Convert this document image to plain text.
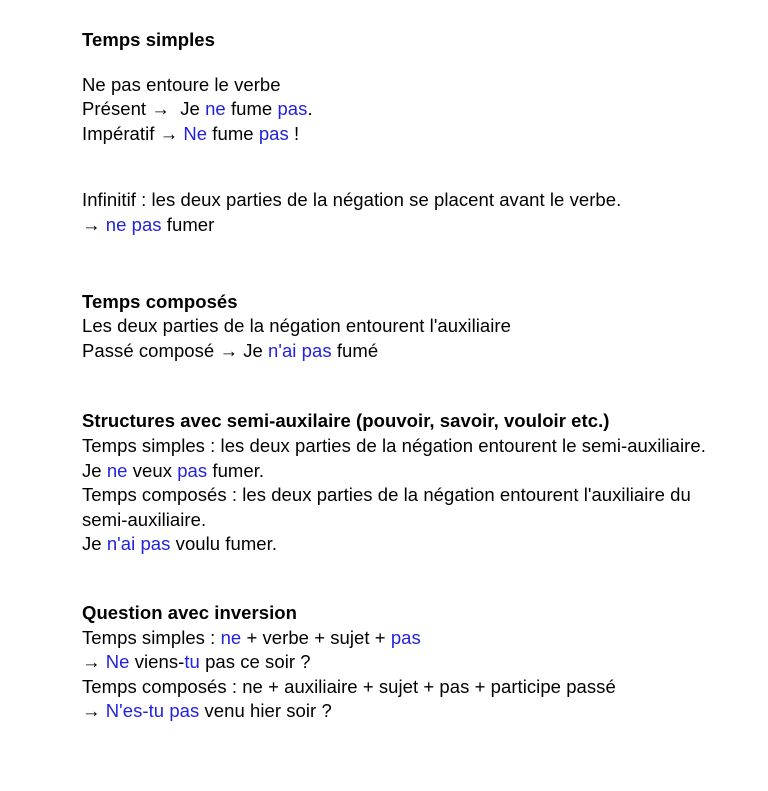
Temps simples
Ne pas entoure le verbe
Présent →  Je ne fume pas.
Impératif → Ne fume pas !
Infinitif : les deux parties de la négation se placent avant le verbe.
→ ne pas fumer
Temps composés
Les deux parties de la négation entourent l'auxiliaire
Passé composé → Je n'ai pas fumé
Structures avec semi-auxilaire (pouvoir, savoir, vouloir etc.)
Temps simples : les deux parties de la négation entourent le semi-auxiliaire.
Je ne veux pas fumer.
Temps composés : les deux parties de la négation entourent l'auxiliaire du semi-auxiliaire.
Je n'ai pas voulu fumer.
Question avec inversion
Temps simples : ne + verbe + sujet + pas
→ Ne viens-tu pas ce soir ?
Temps composés : ne + auxiliaire + sujet + pas + participe passé
→ N'es-tu pas venu hier soir ?
